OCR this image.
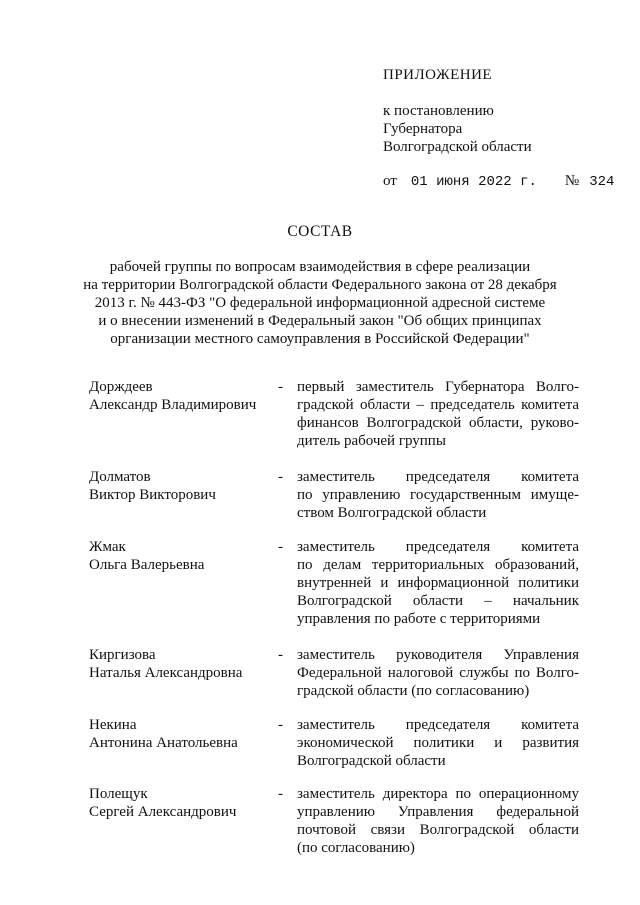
ПРИЛОЖЕНИЕ
к постановлению
Губернатора
Волгоградской области
от 01 июня 2022 г. № 324
СОСТАВ
рабочей группы по вопросам взаимодействия в сфере реализации
на территории Волгоградской области Федерального закона от 28 декабря
2013 г. № 443-ФЗ "О федеральной информационной адресной системе
и о внесении изменений в Федеральный закон "Об общих принципах
организации местного самоуправления в Российской Федерации"
Дорждеев
Александр Владимирович
- первый заместитель Губернатора Волго-
градской области – председатель комитета
финансов Волгоградской области, руково-
дитель рабочей группы
Долматов
Виктор Викторович
- заместитель председателя комитета
по управлению государственным имуще-
ством Волгоградской области
Жмак
Ольга Валерьевна
- заместитель председателя комитета
по делам территориальных образований,
внутренней и информационной политики
Волгоградской области – начальник
управления по работе с территориями
Киргизова
Наталья Александровна
- заместитель руководителя Управления
Федеральной налоговой службы по Волго-
градской области (по согласованию)
Некина
Антонина Анатольевна
- заместитель председателя комитета
экономической политики и развития
Волгоградской области
Полещук
Сергей Александрович
- заместитель директора по операционному
управлению Управления федеральной
почтовой связи Волгоградской области
(по согласованию)
